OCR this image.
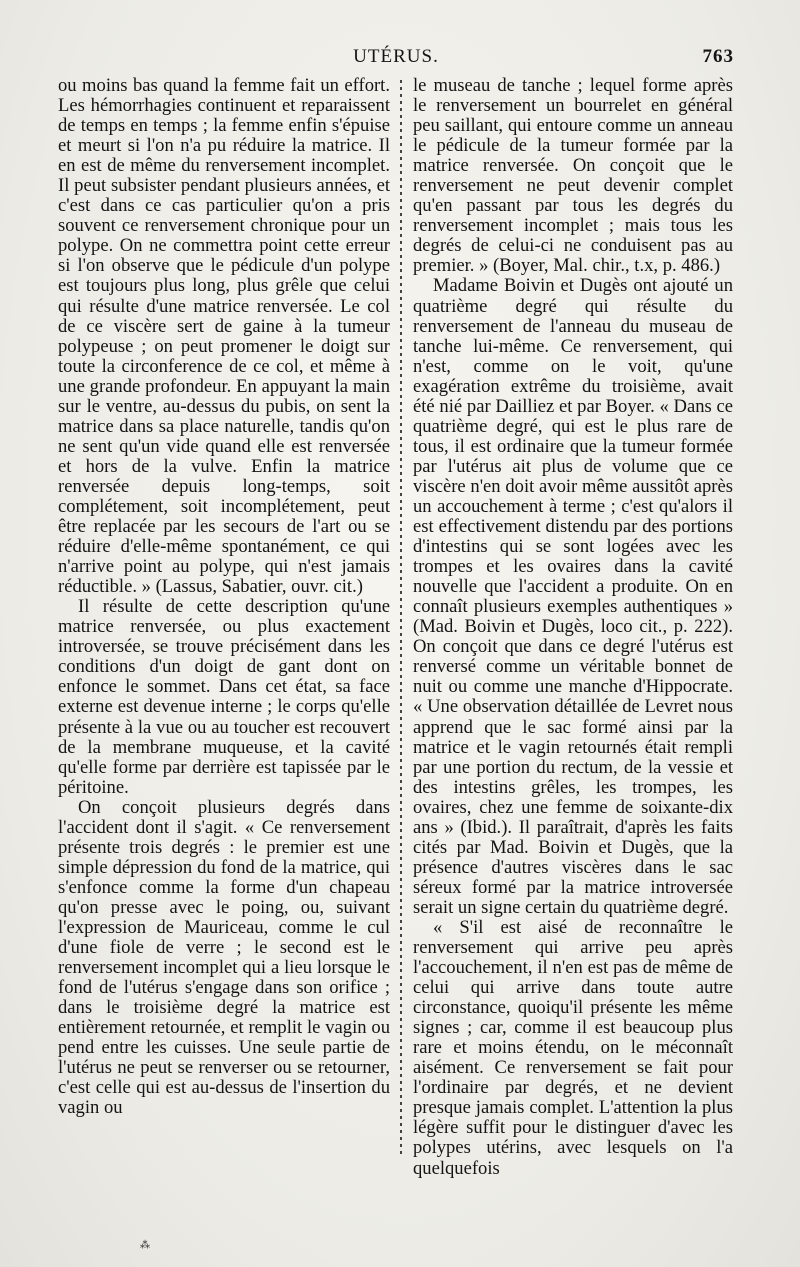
UTÉRUS.	763

ou moins bas quand la femme fait un effort. Les hémorrhagies continuent et reparaissent de temps en temps ; la femme enfin s'épuise et meurt si l'on n'a pu réduire la matrice. Il en est de même du renversement incomplet. Il peut subsister pendant plusieurs années, et c'est dans ce cas particulier qu'on a pris souvent ce renversement chronique pour un polype. On ne commettra point cette erreur si l'on observe que le pédicule d'un polype est toujours plus long, plus grêle que celui qui résulte d'une matrice renversée. Le col de ce viscère sert de gaine à la tumeur polypeuse ; on peut promener le doigt sur toute la circonference de ce col, et même à une grande profondeur. En appuyant la main sur le ventre, au-dessus du pubis, on sent la matrice dans sa place naturelle, tandis qu'on ne sent qu'un vide quand elle est renversée et hors de la vulve. Enfin la matrice renversée depuis long-temps, soit complétement, soit incomplétement, peut être replacée par les secours de l'art ou se réduire d'elle-même spontanément, ce qui n'arrive point au polype, qui n'est jamais réductible. » (Lassus, Sabatier, ouvr. cit.)

Il résulte de cette description qu'une matrice renversée, ou plus exactement introversée, se trouve précisément dans les conditions d'un doigt de gant dont on enfonce le sommet. Dans cet état, sa face externe est devenue interne ; le corps qu'elle présente à la vue ou au toucher est recouvert de la membrane muqueuse, et la cavité qu'elle forme par derrière est tapissée par le péritoine.

On conçoit plusieurs degrés dans l'accident dont il s'agit. « Ce renversement présente trois degrés : le premier est une simple dépression du fond de la matrice, qui s'enfonce comme la forme d'un chapeau qu'on presse avec le poing, ou, suivant l'expression de Mauriceau, comme le cul d'une fiole de verre ; le second est le renversement incomplet qui a lieu lorsque le fond de l'utérus s'engage dans son orifice ; dans le troisième degré la matrice est entièrement retournée, et remplit le vagin ou pend entre les cuisses. Une seule partie de l'utérus ne peut se renverser ou se retourner, c'est celle qui est au-dessus de l'insertion du vagin ou

le museau de tanche ; lequel forme après le renversement un bourrelet en général peu saillant, qui entoure comme un anneau le pédicule de la tumeur formée par la matrice renversée. On conçoit que le renversement ne peut devenir complet qu'en passant par tous les degrés du renversement incomplet ; mais tous les degrés de celui-ci ne conduisent pas au premier. » (Boyer, Mal. chir., t.x, p. 486.)

Madame Boivin et Dugès ont ajouté un quatrième degré qui résulte du renversement de l'anneau du museau de tanche lui-même. Ce renversement, qui n'est, comme on le voit, qu'une exagération extrême du troisième, avait été nié par Dailliez et par Boyer. « Dans ce quatrième degré, qui est le plus rare de tous, il est ordinaire que la tumeur formée par l'utérus ait plus de volume que ce viscère n'en doit avoir même aussitôt après un accouchement à terme ; c'est qu'alors il est effectivement distendu par des portions d'intestins qui se sont logées avec les trompes et les ovaires dans la cavité nouvelle que l'accident a produite. On en connaît plusieurs exemples authentiques » (Mad. Boivin et Dugès, loco cit., p. 222). On conçoit que dans ce degré l'utérus est renversé comme un véritable bonnet de nuit ou comme une manche d'Hippocrate. « Une observation détaillée de Levret nous apprend que le sac formé ainsi par la matrice et le vagin retournés était rempli par une portion du rectum, de la vessie et des intestins grêles, les trompes, les ovaires, chez une femme de soixante-dix ans » (Ibid.). Il paraîtrait, d'après les faits cités par Mad. Boivin et Dugès, que la présence d'autres viscères dans le sac séreux formé par la matrice introversée serait un signe certain du quatrième degré.

« S'il est aisé de reconnaître le renversement qui arrive peu après l'accouchement, il n'en est pas de même de celui qui arrive dans toute autre circonstance, quoiqu'il présente les même signes ; car, comme il est beaucoup plus rare et moins étendu, on le méconnaît aisément. Ce renversement se fait pour l'ordinaire par degrés, et ne devient presque jamais complet. L'attention la plus légère suffit pour le distinguer d'avec les polypes utérins, avec lesquels on l'a quelquefois

⁂
